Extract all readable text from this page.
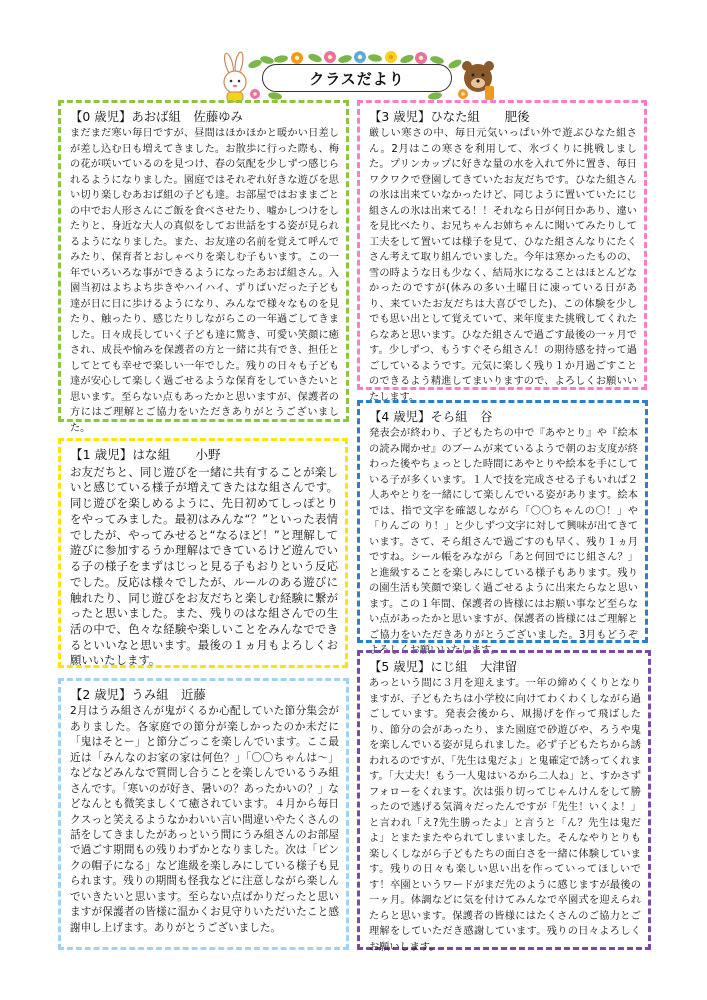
クラスだより
【0 歳児】あおば組　佐藤ゆみ
まだまだ寒い毎日ですが、昼間はほかほかと暖かい日差しが差し込む日も増えてきました。お散歩に行った際も、梅の花が咲いているのを見つけ、春の気配を少しずつ感じられるようになりました。園庭ではそれぞれ好きな遊びを思い切り楽しむあおば組の子ども達。お部屋ではおままごとの中でお人形さんにご飯を食べさせたり、嘘かしつけをしたりと、身近な大人の真似をしてお世話をする姿が見られるようになりました。また、お友達の名前を覚えて呼んでみたり、保育者とおしゃべりを楽しむ子もいます。この一年でいろいろな事ができるようになったあおば組さん。入園当初はよちよち歩きやハイハイ、ずりばいだった子ども達が日に日に歩けるようになり、みんなで様々なものを見たり、触ったり、感じたりしながらこの一年過ごしてきました。日々成長していく子ども達に驚き、可愛い笑顔に癒され、成長や愉みを保護者の方と一緒に共有でき、担任としてとても幸せで楽しい一年でした。残りの日々も子ども達が安心して楽しく過ごせるような保育をしていきたいと思います。至らない点もあったかと思いますが、保護者の方にはご理解とご協力をいただきありがとうございました。
【3 歳児】ひなた組　　肥後
厳しい寒さの中、毎日元気いっぱい外で遊ぶひなた組さん。2月はこの寒さを利用して、氷づくりに挑戦しました。プリンカップに好きな量の水を入れて外に置き、毎日ワクワクで登園してきていたお友だちです。ひなた組さんの氷は出来ていなかったけど、同じように置いていたにじ組さんの氷は出来てる！！それなら日が何日かあり、違いを見比べたり、お兄ちゃんお姉ちゃんに聞いてみたりして工夫をして置いては様子を見て、ひなた組さんなりにたくさん考えて取り組んでいました。今年は寒かったものの、雪の時ような日も少なく、結局氷になることはほとんどなかったのですが(休みの多い土曜日に凍っている日があり、来ていたお友だちは大喜びでした)、この体験を少しでも思い出として覚えていて、来年度また挑戦してくれたらなあと思います。ひなた組さんで過ごす最後の一ヶ月です。少しずつ、もうすぐそら組さん！の期待感を持って過ごしているようです。元気に楽しく残り１か月過ごすことのできるよう精進してまいりますので、よろしくお願いいたします。
【4 歳児】そら組　谷
発表会が終わり、子どもたちの中で『あやとり』や『絵本の読み聞かせ』のブームが来ているようで朝のお支度が終わった後やちょっとした時間にあやとりや絵本を手にしている子が多くいます。１人で技を完成させる子もいれば２人あやとりを一緒にして楽しんでいる姿があります。絵本では、指で文字を確認しながら「〇〇ちゃんの〇！」や「りんごの り！」と少しずつ文字に対して興味が出てきています。さて、そら組さんで過ごすのも早く、残り１ヵ月ですね。シール帳をみながら「あと何回でにじ組さん？」と進級することを楽しみにしている様子もあります。残りの園生活も笑顔で楽しく過ごせるように出来たらなと思います。この１年間、保護者の皆様にはお願い事など至らない点があったかと思いますが、保護者の皆様にはご理解とご協力をいただきありがとうございました。3月もどうぞよろしくお願いいたします。
【1 歳児】はな組　　小野
お友だちと、同じ遊びを一緒に共有することが楽しいと感じている様子が増えてきたはな組さんです。同じ遊びを楽しめるように、先日初めてしっぽとりをやってみました。最初はみんな“？”といった表情でしたが、やってみせると“なるほど！”と理解して遊びに参加するうか理解はできているけど遊んでいる子の様子をまずはじっと見る子もおりという反応でした。反応は様々でしたが、ルールのある遊びに触れたり、同じ遊びをお友だちと楽しむ経験に繋がったと思いました。また、残りのはな組さんでの生活の中で、色々な経験や楽しいことをみんなでできるといいなと思います。最後の１ヵ月もよろしくお願いいたします。	【5 歳児】にじ組　大津留
あっという間に３月を迎えます。一年の締めくくりとなりますが、子どもたちは小学校に向けてわくわくしながら過ごしています。発表会後から、凧揚げを作って飛ばしたり、節分の会があったり、また園庭で砂遊びや、ろうや鬼を楽しんでいる姿が見られました。必ず子どもたちから誘われるのですが、「先生は鬼だよ」と鬼確定で誘ってくれます。「大丈夫！もう一人鬼はいるから二人ね」と、すかさずフォローをくれます。次は張り切ってじゃんけんをして勝ったので逃げる気満々だったんですが「先生！いくよ！」と言われ「え?先生勝ったよ」と言うと「ん？先生は鬼だよ」とまたまたやられてしまいました。そんなやりとりも楽しくしながら子どもたちの面白さを一緒に体験しています。残りの日々も楽しい思い出を作っていってほしいです！卒園というワードがまだ先のように感じますが最後の一ヶ月。体調などに気を付けてみんなで卒園式を迎えられたらと思います。保護者の皆様にはたくさんのご協力とご理解をしていただき感謝しています。残りの日々よろしくお願いします。
【2 歳児】うみ組　近藤
2月はうみ組さんが鬼がくるか心配していた節分集会がありました。各家庭での節分が楽しかったのか未だに「鬼はそとー」と節分ごっこを楽しんでいます。ここ最近は「みんなのお家の家は何色？」「〇〇ちゃんは～」などなどみんなで質問し合うことを楽しんでいるうみ組さんです。「寒いのが好き、暑いの？あったかいの？」などなんとも微笑ましくて癒されています。４月から毎日クスっと笑えるようなかわいい言い間違いやたくさんの話をしてきましたがあっという間にうみ組さんのお部屋で過ごす期間もの残りわずかとなりました。次は「ピンクの帽子になる」など進級を楽しみにしている様子も見られます。残りの期間も怪我などに注意しながら楽しんでいきたいと思います。至らない点ばかりだったと思いますが保護者の皆様に温かくお見守りいただいたこと感謝申し上げます。ありがとうございました。
